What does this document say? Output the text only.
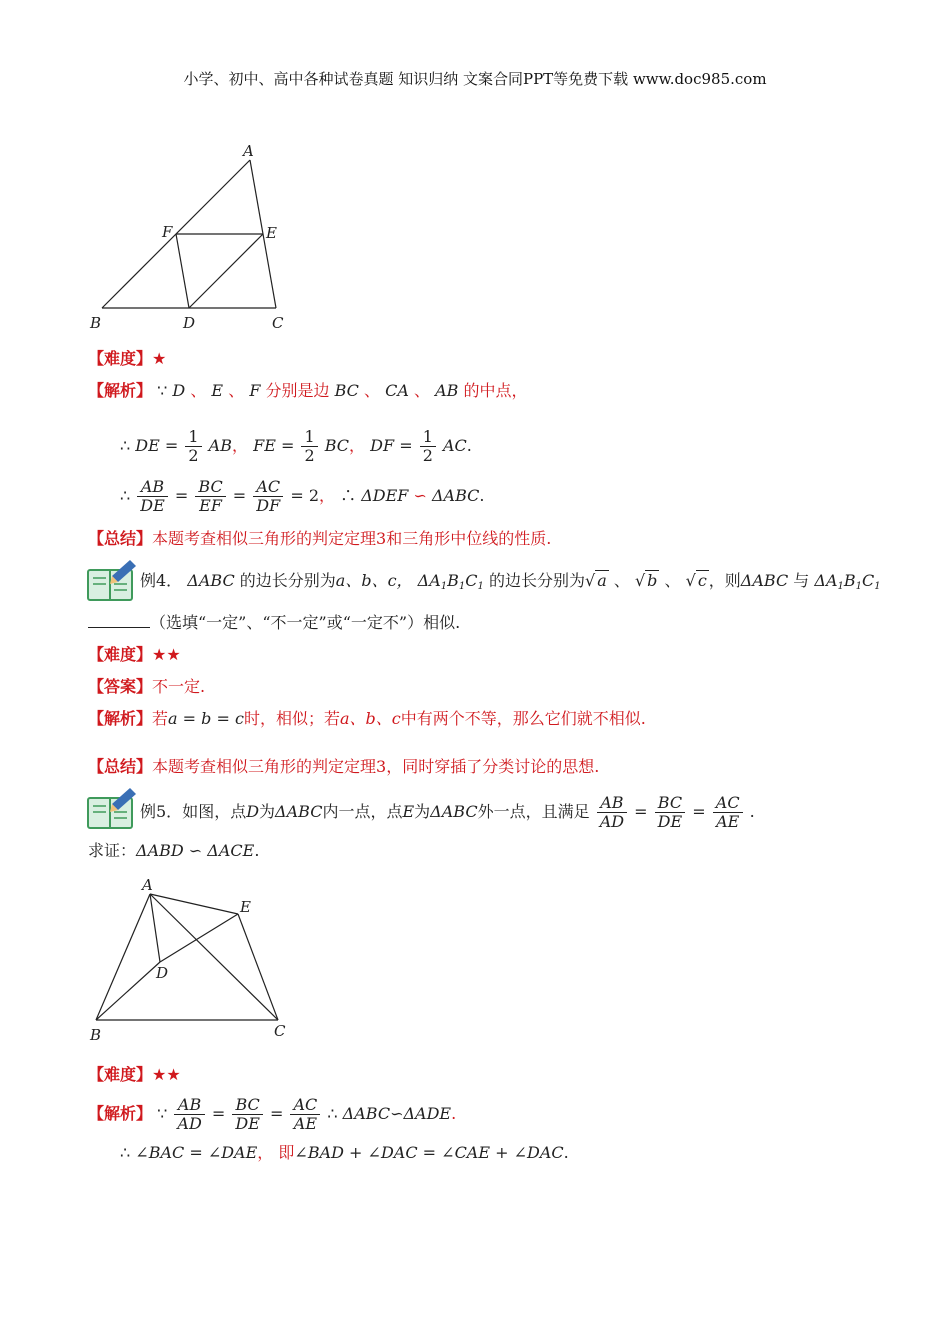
小学、初中、高中各种试卷真题 知识归纳 文案合同PPT等免费下载 www.doc985.com
A
F	E
B	D	C
【难度】★
【解析】 ∵ D 、 E 、 F 分别是边 BC 、 CA 、 AB 的中点，
∴ DE = $\frac{1}{2}$ AB， FE = $\frac{1}{2}$ BC， DF = $\frac{1}{2}$ AC.
∴ $\frac{AB}{DE} = \frac{BC}{EF} = \frac{AC}{DF} = 2$， ∴ ΔDEF ∽ ΔABC.
【总结】本题考查相似三角形的判定定理3和三角形中位线的性质.
例4． ΔABC 的边长分别为a、b、c， $\Delta A_1B_1C_1$ 的边长分别为√ a 、 √ b 、 √ c ，则ΔABC 与 $\Delta A_1B_1C_1$
（选填“一定”、“不一定”或“一定不”）相似.
【难度】★★
【答案】不一定.
【解析】若a = b = c时，相似；若a、b、c中有两个不等，那么它们就不相似.
【总结】本题考查相似三角形的判定定理3，同时穿插了分类讨论的思想.
例5．如图，点D为ΔABC内一点，点E为ΔABC外一点，且满足 $\frac{AB}{AD} = \frac{BC}{DE} = \frac{AC}{AE}$ .
求证：ΔABD ∽ ΔACE.
A
E
D
B	C
【难度】★★
【解析】 ∵ $\frac{AB}{AD} = \frac{BC}{DE} = \frac{AC}{AE}$ ∴ ΔABC∽ΔADE.
∴ ∠BAC = ∠DAE， 即∠BAD + ∠DAC = ∠CAE + ∠DAC.
